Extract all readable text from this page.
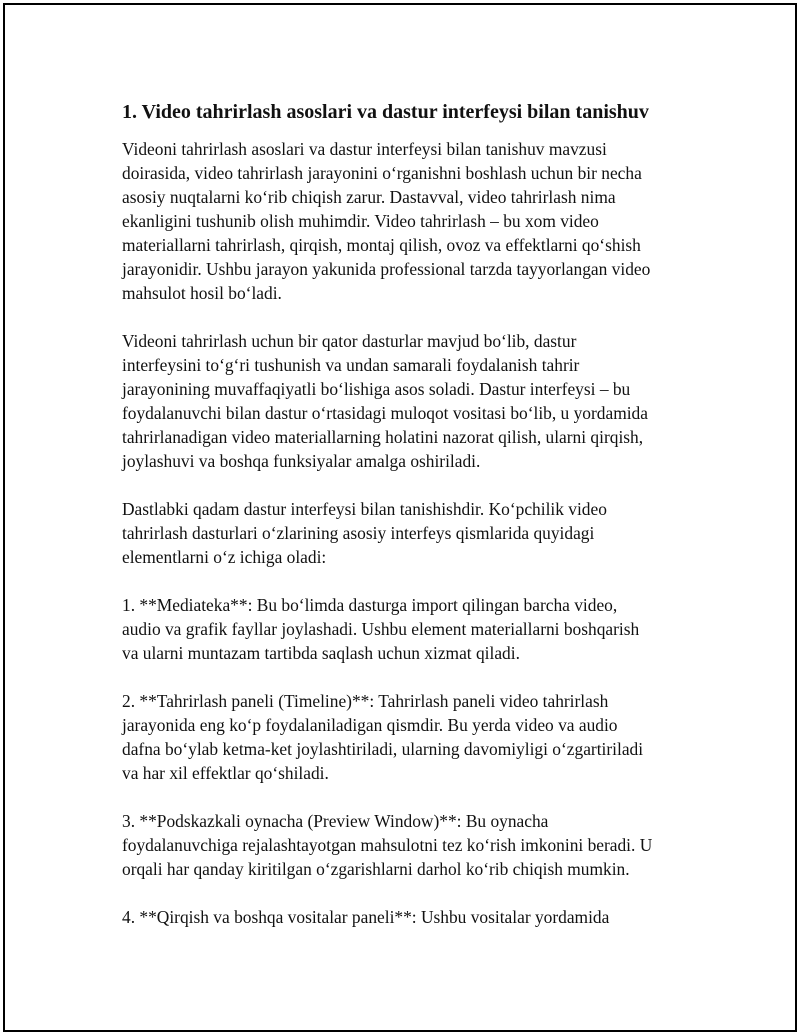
1. Video tahrirlash asoslari va dastur interfeysi bilan tanishuv

Videoni tahrirlash asoslari va dastur interfeysi bilan tanishuv mavzusi
doirasida, video tahrirlash jarayonini o‘rganishni boshlash uchun bir necha
asosiy nuqtalarni ko‘rib chiqish zarur. Dastavval, video tahrirlash nima
ekanligini tushunib olish muhimdir. Video tahrirlash – bu xom video
materiallarni tahrirlash, qirqish, montaj qilish, ovoz va effektlarni qo‘shish
jarayonidir. Ushbu jarayon yakunida professional tarzda tayyorlangan video
mahsulot hosil bo‘ladi.

Videoni tahrirlash uchun bir qator dasturlar mavjud bo‘lib, dastur
interfeysini to‘g‘ri tushunish va undan samarali foydalanish tahrir
jarayonining muvaffaqiyatli bo‘lishiga asos soladi. Dastur interfeysi – bu
foydalanuvchi bilan dastur o‘rtasidagi muloqot vositasi bo‘lib, u yordamida
tahrirlanadigan video materiallarning holatini nazorat qilish, ularni qirqish,
joylashuvi va boshqa funksiyalar amalga oshiriladi.

Dastlabki qadam dastur interfeysi bilan tanishishdir. Ko‘pchilik video
tahrirlash dasturlari o‘zlarining asosiy interfeys qismlarida quyidagi
elementlarni o‘z ichiga oladi:

1. **Mediateka**: Bu bo‘limda dasturga import qilingan barcha video,
audio va grafik fayllar joylashadi. Ushbu element materiallarni boshqarish
va ularni muntazam tartibda saqlash uchun xizmat qiladi.

2. **Tahrirlash paneli (Timeline)**: Tahrirlash paneli video tahrirlash
jarayonida eng ko‘p foydalaniladigan qismdir. Bu yerda video va audio
dafna bo‘ylab ketma-ket joylashtiriladi, ularning davomiyligi o‘zgartiriladi
va har xil effektlar qo‘shiladi.

3. **Podskazkali oynacha (Preview Window)**: Bu oynacha
foydalanuvchiga rejalashtayotgan mahsulotni tez ko‘rish imkonini beradi. U
orqali har qanday kiritilgan o‘zgarishlarni darhol ko‘rib chiqish mumkin.

4. **Qirqish va boshqa vositalar paneli**: Ushbu vositalar yordamida
